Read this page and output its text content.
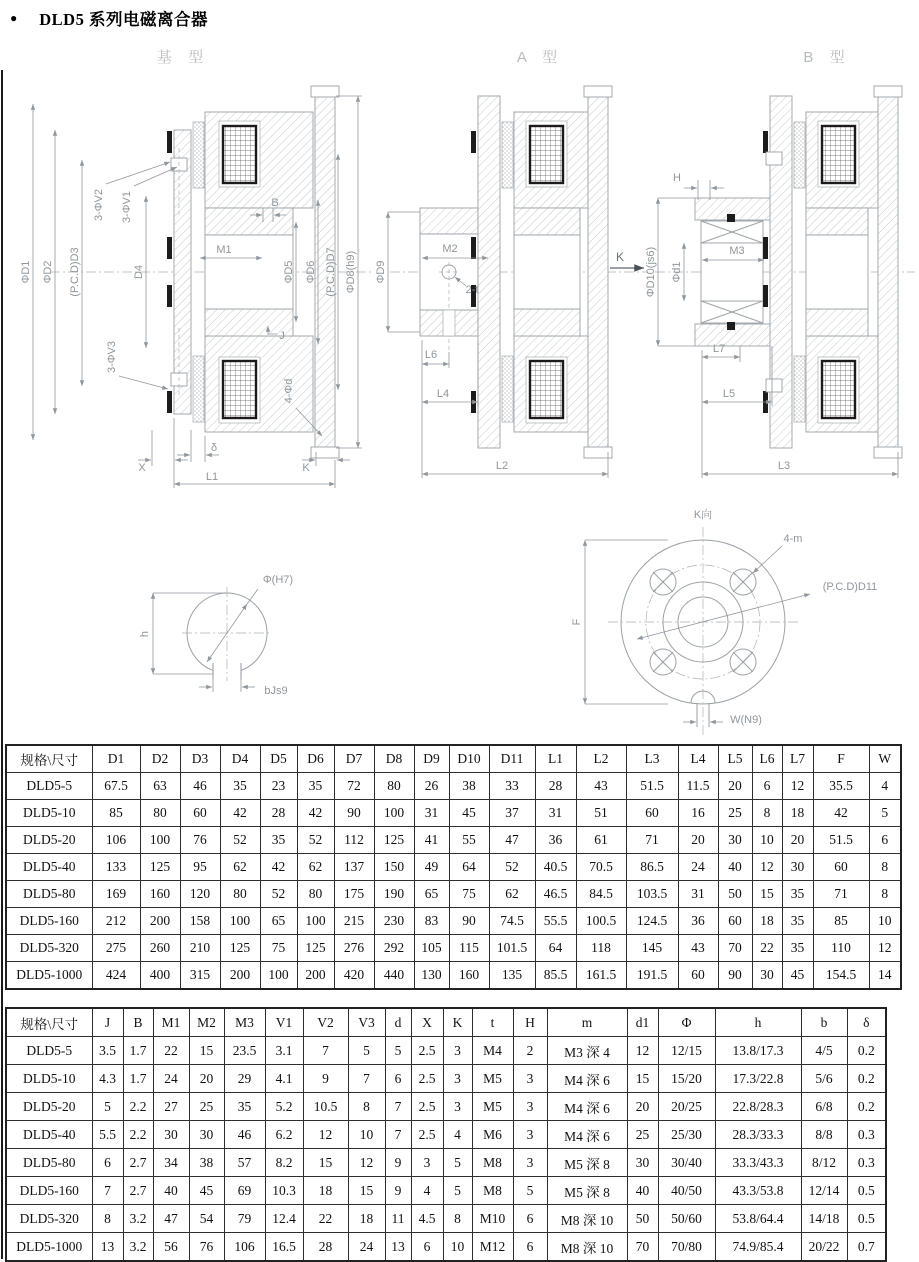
● DLD5 系列电磁离合器
基 型	A 型	B 型
ΦD1 ΦD2 (P.C.D)D3
3-ΦV2 3-ΦV1
D4
M1
B
ΦD5 ΦD6 (P.C.D)D7 ΦD8(h9)
3-ΦV3
J
4-Φd
δ
X
L1
K
ΦD9
M2
2-t
L6
L4
L2
K
H
ΦD10(js6) Φd1
M3
L7
L5
L3
Φ(H7)
h
bJs9
K向
4-m
(P.C.D)D11
F
W(N9)
规格\尺寸	D1	D2	D3	D4	D5	D6	D7	D8	D9	D10	D11	L1	L2	L3	L4	L5	L6	L7	F	W
DLD5-5	67.5	63	46	35	23	35	72	80	26	38	33	28	43	51.5	11.5	20	6	12	35.5	4
DLD5-10	85	80	60	42	28	42	90	100	31	45	37	31	51	60	16	25	8	18	42	5
DLD5-20	106	100	76	52	35	52	112	125	41	55	47	36	61	71	20	30	10	20	51.5	6
DLD5-40	133	125	95	62	42	62	137	150	49	64	52	40.5	70.5	86.5	24	40	12	30	60	8
DLD5-80	169	160	120	80	52	80	175	190	65	75	62	46.5	84.5	103.5	31	50	15	35	71	8
DLD5-160	212	200	158	100	65	100	215	230	83	90	74.5	55.5	100.5	124.5	36	60	18	35	85	10
DLD5-320	275	260	210	125	75	125	276	292	105	115	101.5	64	118	145	43	70	22	35	110	12
DLD5-1000	424	400	315	200	100	200	420	440	130	160	135	85.5	161.5	191.5	60	90	30	45	154.5	14
规格\尺寸	J	B	M1	M2	M3	V1	V2	V3	d	X	K	t	H	m	d1	Φ	h	b	δ
DLD5-5	3.5	1.7	22	15	23.5	3.1	7	5	5	2.5	3	M4	2	M3 深 4	12	12/15	13.8/17.3	4/5	0.2
DLD5-10	4.3	1.7	24	20	29	4.1	9	7	6	2.5	3	M5	3	M4 深 6	15	15/20	17.3/22.8	5/6	0.2
DLD5-20	5	2.2	27	25	35	5.2	10.5	8	7	2.5	3	M5	3	M4 深 6	20	20/25	22.8/28.3	6/8	0.2
DLD5-40	5.5	2.2	30	30	46	6.2	12	10	7	2.5	4	M6	3	M4 深 6	25	25/30	28.3/33.3	8/8	0.3
DLD5-80	6	2.7	34	38	57	8.2	15	12	9	3	5	M8	3	M5 深 8	30	30/40	33.3/43.3	8/12	0.3
DLD5-160	7	2.7	40	45	69	10.3	18	15	9	4	5	M8	5	M5 深 8	40	40/50	43.3/53.8	12/14	0.5
DLD5-320	8	3.2	47	54	79	12.4	22	18	11	4.5	8	M10	6	M8 深 10	50	50/60	53.8/64.4	14/18	0.5
DLD5-1000	13	3.2	56	76	106	16.5	28	24	13	6	10	M12	6	M8 深 10	70	70/80	74.9/85.4	20/22	0.7
